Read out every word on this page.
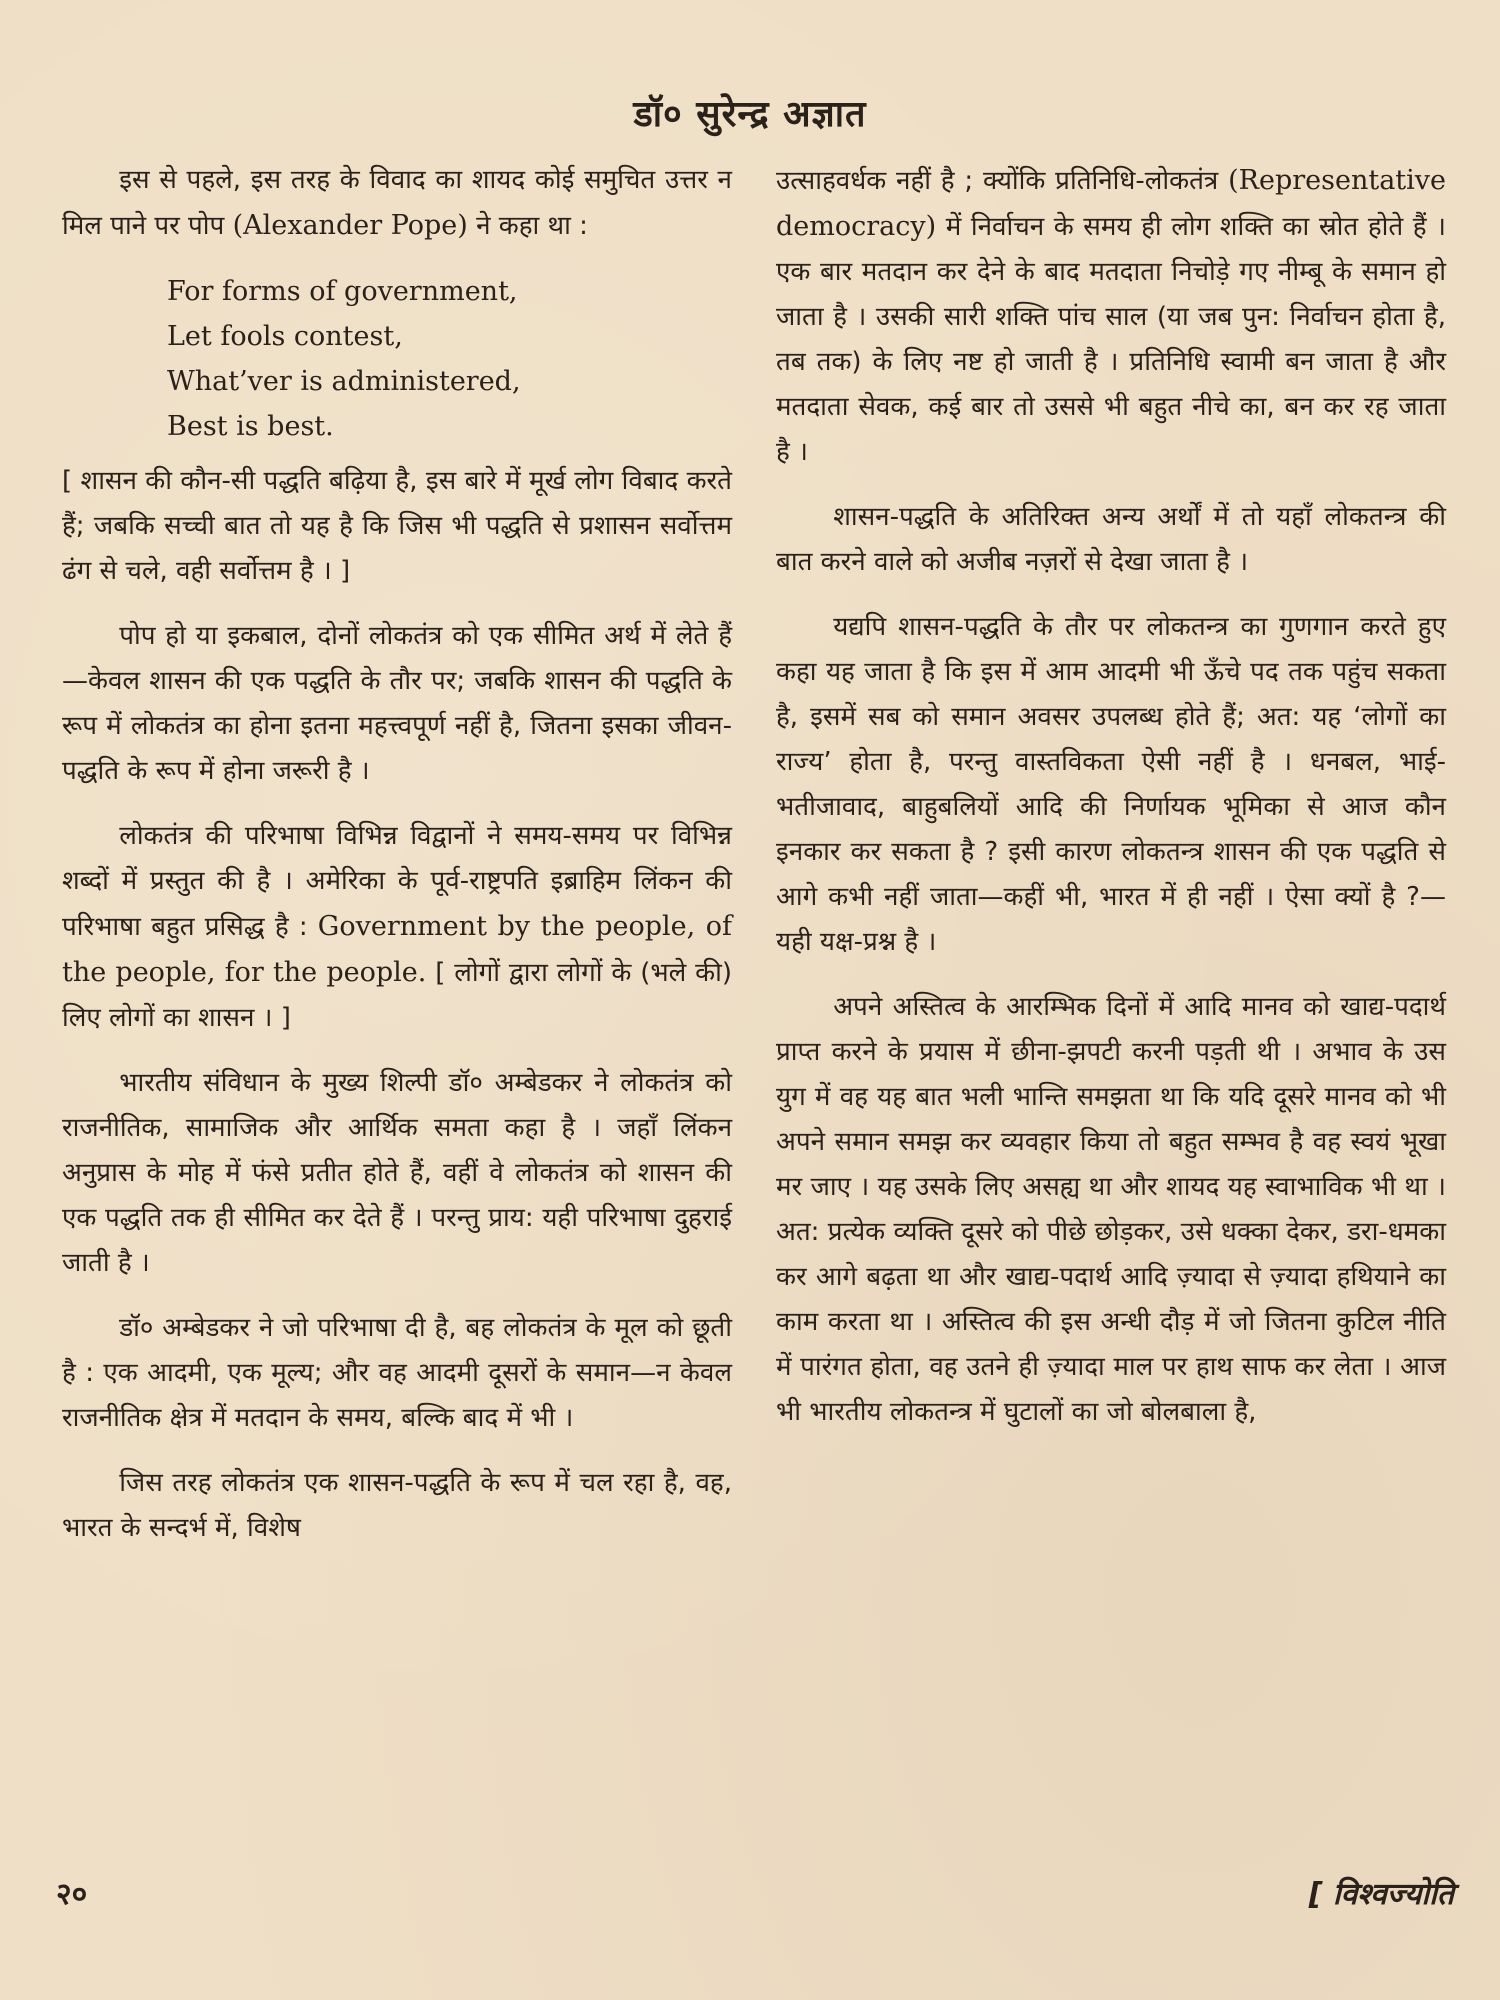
डॉ० सुरेन्द्र अज्ञात

इस से पहले, इस तरह के विवाद का शायद कोई समुचित उत्तर न मिल पाने पर पोप (Alexander Pope) ने कहा था :

For forms of government,
Let fools contest,
What’ver is administered,
Best is best.

[ शासन की कौन-सी पद्धति बढ़िया है, इस बारे में मूर्ख लोग विबाद करते हैं; जबकि सच्ची बात तो यह है कि जिस भी पद्धति से प्रशासन सर्वोत्तम ढंग से चले, वही सर्वोत्तम है । ]

पोप हो या इकबाल, दोनों लोकतंत्र को एक सीमित अर्थ में लेते हैं—केवल शासन की एक पद्धति के तौर पर; जबकि शासन की पद्धति के रूप में लोकतंत्र का होना इतना महत्त्वपूर्ण नहीं है, जितना इसका जीवन-पद्धति के रूप में होना जरूरी है ।

लोकतंत्र की परिभाषा विभिन्न विद्वानों ने समय-समय पर विभिन्न शब्दों में प्रस्तुत की है । अमेरिका के पूर्व-राष्ट्रपति इब्राहिम लिंकन की परिभाषा बहुत प्रसिद्ध है : Government by the people, of the people, for the people. [ लोगों द्वारा लोगों के (भले की) लिए लोगों का शासन । ]

भारतीय संविधान के मुख्य शिल्पी डॉ० अम्बेडकर ने लोकतंत्र को राजनीतिक, सामाजिक और आर्थिक समता कहा है । जहाँ लिंकन अनुप्रास के मोह में फंसे प्रतीत होते हैं, वहीं वे लोकतंत्र को शासन की एक पद्धति तक ही सीमित कर देते हैं । परन्तु प्राय: यही परिभाषा दुहराई जाती है ।

डॉ० अम्बेडकर ने जो परिभाषा दी है, बह लोकतंत्र के मूल को छूती है : एक आदमी, एक मूल्य; और वह आदमी दूसरों के समान—न केवल राजनीतिक क्षेत्र में मतदान के समय, बल्कि बाद में भी ।

जिस तरह लोकतंत्र एक शासन-पद्धति के रूप में चल रहा है, वह, भारत के सन्दर्भ में, विशेष

उत्साहवर्धक नहीं है ; क्योंकि प्रतिनिधि-लोकतंत्र (Representative democracy) में निर्वाचन के समय ही लोग शक्ति का स्रोत होते हैं । एक बार मतदान कर देने के बाद मतदाता निचोड़े गए नीम्बू के समान हो जाता है । उसकी सारी शक्ति पांच साल (या जब पुन: निर्वाचन होता है, तब तक) के लिए नष्ट हो जाती है । प्रतिनिधि स्वामी बन जाता है और मतदाता सेवक, कई बार तो उससे भी बहुत नीचे का, बन कर रह जाता है ।

शासन-पद्धति के अतिरिक्त अन्य अर्थों में तो यहाँ लोकतन्त्र की बात करने वाले को अजीब नज़रों से देखा जाता है ।

यद्यपि शासन-पद्धति के तौर पर लोकतन्त्र का गुणगान करते हुए कहा यह जाता है कि इस में आम आदमी भी ऊँचे पद तक पहुंच सकता है, इसमें सब को समान अवसर उपलब्ध होते हैं; अत: यह ‘लोगों का राज्य’ होता है, परन्तु वास्तविकता ऐसी नहीं है । धनबल, भाई-भतीजावाद, बाहुबलियों आदि की निर्णायक भूमिका से आज कौन इनकार कर सकता है ? इसी कारण लोकतन्त्र शासन की एक पद्धति से आगे कभी नहीं जाता—कहीं भी, भारत में ही नहीं । ऐसा क्यों है ?—यही यक्ष-प्रश्न है ।

अपने अस्तित्व के आरम्भिक दिनों में आदि मानव को खाद्य-पदार्थ प्राप्त करने के प्रयास में छीना-झपटी करनी पड़ती थी । अभाव के उस युग में वह यह बात भली भान्ति समझता था कि यदि दूसरे मानव को भी अपने समान समझ कर व्यवहार किया तो बहुत सम्भव है वह स्वयं भूखा मर जाए । यह उसके लिए असह्य था और शायद यह स्वाभाविक भी था । अत: प्रत्येक व्यक्ति दूसरे को पीछे छोड़कर, उसे धक्का देकर, डरा-धमका कर आगे बढ़ता था और खाद्य-पदार्थ आदि ज़्यादा से ज़्यादा हथियाने का काम करता था । अस्तित्व की इस अन्धी दौड़ में जो जितना कुटिल नीति में पारंगत होता, वह उतने ही ज़्यादा माल पर हाथ साफ कर लेता । आज भी भारतीय लोकतन्त्र में घुटालों का जो बोलबाला है,

२०	[ विश्वज्योति
